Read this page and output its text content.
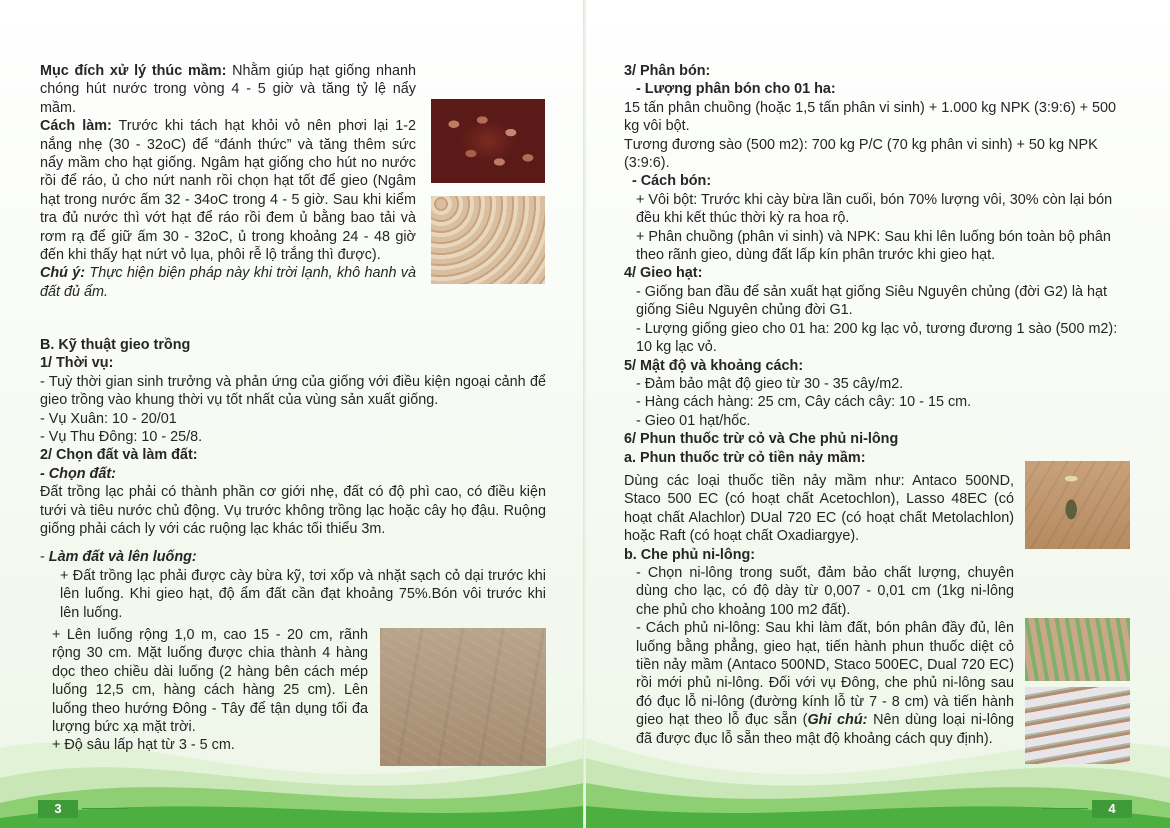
Mục đích xử lý thúc mầm: Nhằm giúp hạt giống nhanh chóng hút nước trong vòng 4 - 5 giờ và tăng tỷ lệ nẩy mầm.

Cách làm: Trước khi tách hạt khỏi vỏ nên phơi lại 1-2 nắng nhẹ (30 - 32oC) để “đánh thức” và tăng thêm sức nẩy mầm cho hạt giống. Ngâm hạt giống cho hút no nước rồi để ráo, ủ cho nứt nanh rồi chọn hạt tốt để gieo (Ngâm hạt trong nước ấm 32 - 34oC trong 4 - 5 giờ. Sau khi kiểm tra đủ nước thì vớt hạt để ráo rồi đem ủ bằng bao tải và rơm rạ để giữ ấm 30 - 32oC, ủ trong khoảng 24 - 48 giờ đến khi thấy hạt nứt vỏ lụa, phôi rễ lộ trắng thì được).

Chú ý: Thực hiện biện pháp này khi trời lạnh, khô hanh và đất đủ ẩm.

B. Kỹ thuật gieo trồng

1/ Thời vụ:

- Tuỳ thời gian sinh trưởng và phản ứng của giống với điều kiện ngoại cảnh để gieo trồng vào khung thời vụ tốt nhất của vùng sản xuất giống.

- Vụ Xuân: 10 - 20/01

- Vụ Thu Đông: 10 - 25/8.

2/ Chọn đất và làm đất:

- Chọn đất:

Đất trồng lạc phải có thành phần cơ giới nhẹ, đất có độ phì cao, có điều kiện tưới và tiêu nước chủ động. Vụ trước không trồng lạc hoặc cây họ đậu. Ruộng giống phải cách ly với các ruộng lạc khác tối thiểu 3m.

- Làm đất và lên luống:

+ Đất trồng lạc phải được cày bừa kỹ, tơi xốp và nhặt sạch cỏ dại trước khi lên luống. Khi gieo hạt, độ ẩm đất cần đạt khoảng 75%.Bón vôi trước khi lên luống.

+ Lên luống rộng 1,0 m, cao 15 - 20 cm, rãnh rộng 30 cm. Mặt luống được chia thành 4 hàng dọc theo chiều dài luống (2 hàng bên cách mép luống 12,5 cm, hàng cách hàng 25 cm). Lên luống theo hướng Đông - Tây để tận dụng tối đa lượng bức xạ mặt trời.

+ Độ sâu lấp hạt từ 3 - 5 cm.

3

3/ Phân bón:

- Lượng phân bón cho 01 ha:

15 tấn phân chuồng (hoặc 1,5 tấn phân vi sinh) + 1.000 kg NPK (3:9:6) + 500 kg vôi bột.

Tương đương sào (500 m2): 700 kg P/C (70 kg phân vi sinh) + 50 kg NPK (3:9:6).

- Cách bón:

+ Vôi bột: Trước khi cày bừa lần cuối, bón 70% lượng vôi, 30% còn lại bón đều khi kết thúc thời kỳ ra hoa rộ.

+ Phân chuồng (phân vi sinh) và NPK: Sau khi lên luống bón toàn bộ phân theo rãnh gieo, dùng đất lấp kín phân trước khi gieo hạt.

4/ Gieo hạt:

- Giống ban đầu để sản xuất hạt giống Siêu Nguyên chủng (đời G2) là hạt giống Siêu Nguyên chủng đời G1.

- Lượng giống gieo cho 01 ha: 200 kg lạc vỏ, tương đương 1 sào (500 m2): 10 kg lạc vỏ.

5/ Mật độ và khoảng cách:

- Đảm bảo mật độ gieo từ 30 - 35 cây/m2.

- Hàng cách hàng: 25 cm, Cây cách cây: 10 - 15 cm.

- Gieo 01 hạt/hốc.

6/ Phun thuốc trừ cỏ và Che phủ ni-lông

a. Phun thuốc trừ cỏ tiền nảy mầm:

Dùng các loại thuốc tiền nảy mầm như: Antaco 500ND, Staco 500 EC (có hoạt chất Acetochlon), Lasso 48EC (có hoạt chất Alachlor) DUal 720 EC (có hoạt chất Metolachlon) hoặc Raft (có hoạt chất Oxadiargye).

b. Che phủ ni-lông:

- Chọn ni-lông trong suốt, đảm bảo chất lượng, chuyên dùng cho lạc, có độ dày từ 0,007 - 0,01 cm (1kg ni-lông che phủ cho khoảng 100 m2 đất).

- Cách phủ ni-lông: Sau khi làm đất, bón phân đầy đủ, lên luống bằng phẳng, gieo hạt, tiến hành phun thuốc diệt cỏ tiền nảy mầm (Antaco 500ND, Staco 500EC, Dual 720 EC) rồi mới phủ ni-lông. Đối với vụ Đông, che phủ ni-lông sau đó đục lỗ ni-lông (đường kính lỗ từ 7 - 8 cm) và tiến hành gieo hạt theo lỗ đục sẵn (Ghi chú: Nên dùng loại ni-lông đã được đục lỗ sẵn theo mật độ khoảng cách quy định).

4
